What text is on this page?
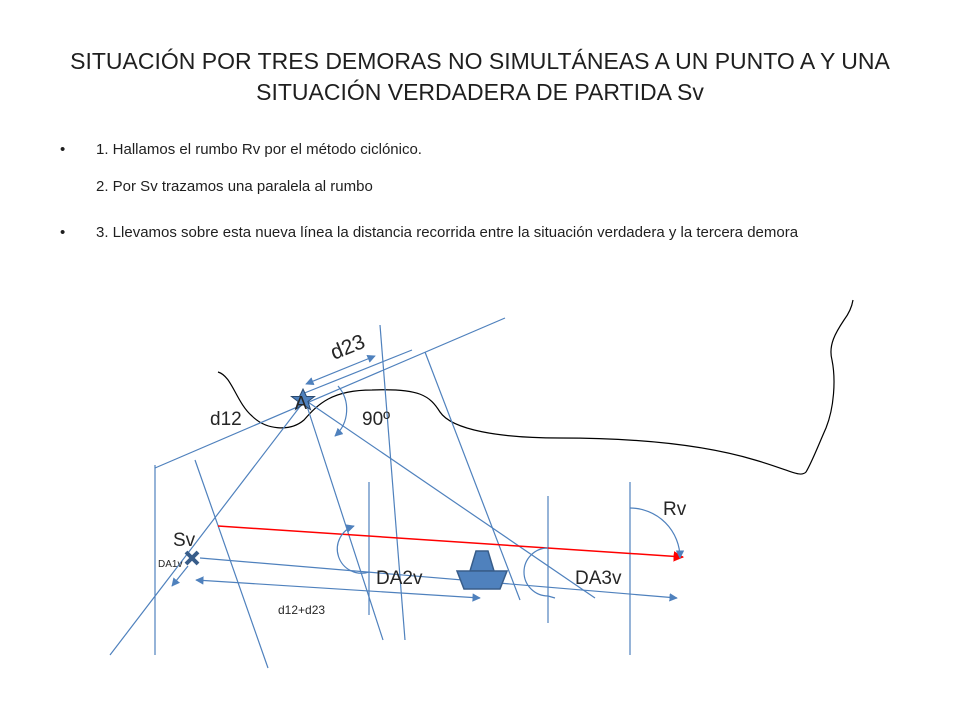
SITUACIÓN POR TRES DEMORAS NO SIMULTÁNEAS A UN PUNTO A Y UNA
SITUACIÓN VERDADERA DE PARTIDA Sv
• 1. Hallamos el rumbo Rv por el método ciclónico.
2. Por Sv trazamos una paralela al rumbo
• 3. Llevamos sobre esta nueva línea la distancia recorrida entre la situación verdadera y la tercera demora
A
d23
d12	90º
Rv
Sv
DA1v
DA2v	DA3v
d12+d23
